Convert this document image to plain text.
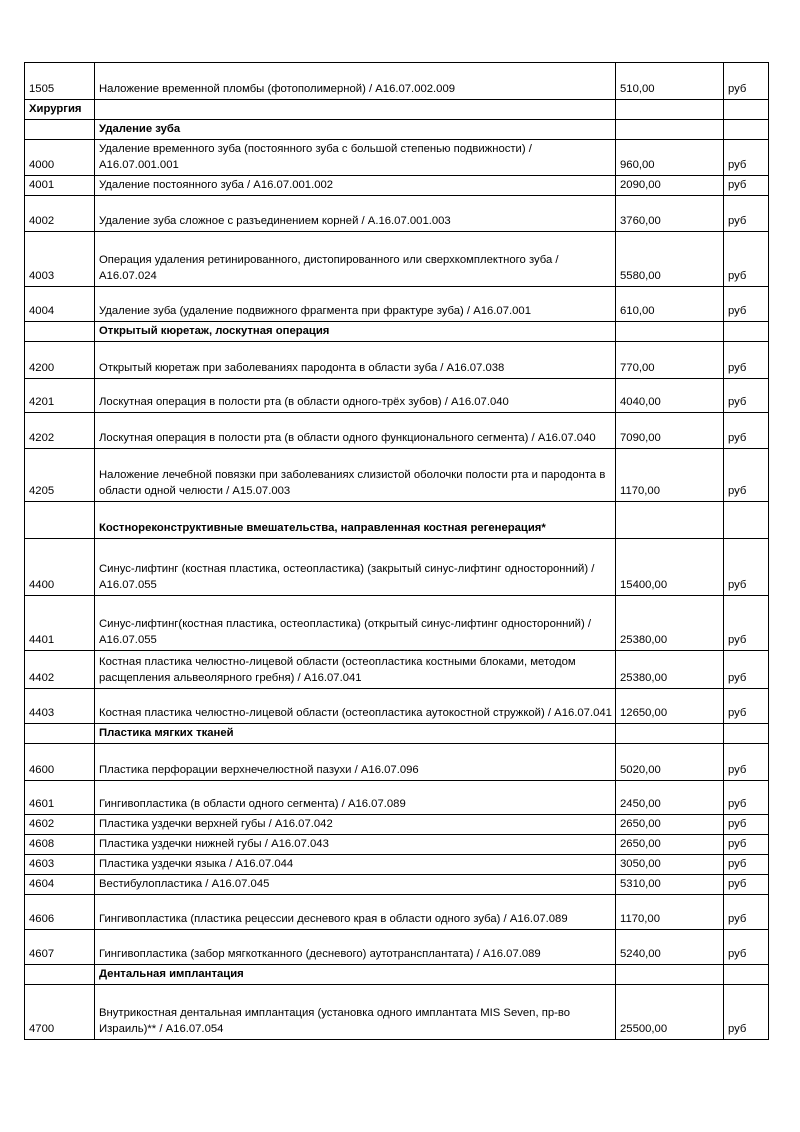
1505	Наложение временной пломбы (фотополимерной) / A16.07.002.009	510,00	руб
Хирургия			
	Удаление зуба		
4000	Удаление временного зуба (постоянного зуба с большой степенью подвижности) / A16.07.001.001	960,00	руб
4001	Удаление постоянного зуба / A16.07.001.002	2090,00	руб
4002	Удаление зуба сложное с разъединением корней / A.16.07.001.003	3760,00	руб
4003	Операция удаления ретинированного, дистопированного или сверхкомплектного зуба / A16.07.024	5580,00	руб
4004	Удаление зуба (удаление подвижного фрагмента при фрактуре зуба) / A16.07.001	610,00	руб
	Открытый кюретаж, лоскутная операция		
4200	Открытый кюретаж при заболеваниях пародонта в области зуба / A16.07.038	770,00	руб
4201	Лоскутная операция в полости рта (в области одного-трёх зубов) / A16.07.040	4040,00	руб
4202	Лоскутная операция в полости рта (в области одного функционального сегмента) / A16.07.040	7090,00	руб
4205	Наложение лечебной повязки при заболеваниях слизистой оболочки полости рта и пародонта в области одной челюсти / A15.07.003	1170,00	руб
	Костнореконструктивные вмешательства, направленная костная регенерация*		
4400	Синус-лифтинг (костная пластика, остеопластика) (закрытый синус-лифтинг односторонний) / A16.07.055	15400,00	руб
4401	Синус-лифтинг(костная пластика, остеопластика) (открытый синус-лифтинг односторонний) / A16.07.055	25380,00	руб
4402	Костная пластика челюстно-лицевой области (остеопластика костными блоками, методом расщепления альвеолярного гребня) / A16.07.041	25380,00	руб
4403	Костная пластика челюстно-лицевой области (остеопластика аутокостной стружкой) / A16.07.041	12650,00	руб
	Пластика мягких тканей		
4600	Пластика перфорации верхнечелюстной пазухи / A16.07.096	5020,00	руб
4601	Гингивопластика (в области одного сегмента) / A16.07.089	2450,00	руб
4602	Пластика уздечки верхней губы / A16.07.042	2650,00	руб
4608	Пластика уздечки нижней губы / A16.07.043	2650,00	руб
4603	Пластика уздечки языка / A16.07.044	3050,00	руб
4604	Вестибулопластика / A16.07.045	5310,00	руб
4606	Гингивопластика (пластика рецессии десневого края в области одного зуба) / A16.07.089	1170,00	руб
4607	Гингивопластика (забор мягкотканного (десневого) аутотрансплантата) / A16.07.089	5240,00	руб
	Дентальная имплантация		
4700	Внутрикостная дентальная имплантация (установка одного имплантата MIS Seven, пр-во Израиль)** / A16.07.054	25500,00	руб
